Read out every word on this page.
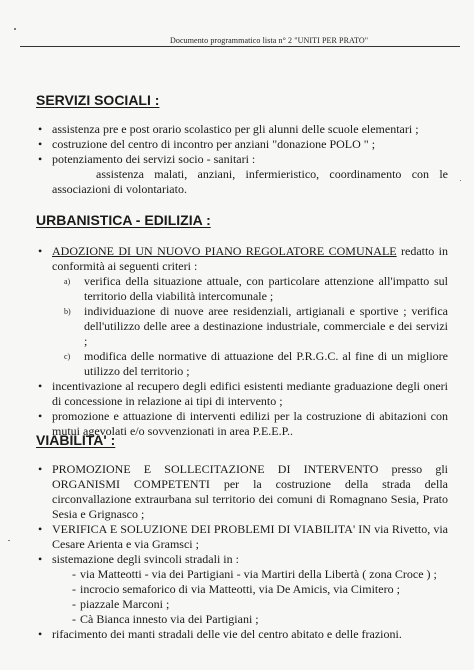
Documento programmatico lista n° 2 "UNITI PER PRATO"
SERVIZI SOCIALI :
• assistenza pre e post orario scolastico per gli alunni delle scuole elementari ;
• costruzione del centro di incontro per anziani "donazione POLO " ;
• potenziamento dei servizi socio - sanitari :
assistenza malati, anziani, infermieristico, coordinamento con le associazioni di volontariato.
URBANISTICA - EDILIZIA :
• ADOZIONE DI UN NUOVO PIANO REGOLATORE COMUNALE redatto in conformità ai seguenti criteri :
a) verifica della situazione attuale, con particolare attenzione all'impatto sul territorio della viabilità intercomunale ;
b) individuazione di nuove aree residenziali, artigianali e sportive ; verifica dell'utilizzo delle aree a destinazione industriale, commerciale e dei servizi ;
c) modifica delle normative di attuazione del P.R.G.C. al fine di un migliore utilizzo del territorio ;
• incentivazione al recupero degli edifici esistenti mediante graduazione degli oneri di concessione in relazione ai tipi di intervento ;
• promozione e attuazione di interventi edilizi per la costruzione di abitazioni con mutui agevolati e/o sovvenzionati in area P.E.E.P..
VIABILITA' :
• PROMOZIONE E SOLLECITAZIONE DI INTERVENTO presso gli ORGANISMI COMPETENTI per la costruzione della strada della circonvallazione extraurbana sul territorio dei comuni di Romagnano Sesia, Prato Sesia e Grignasco ;
• VERIFICA E SOLUZIONE DEI PROBLEMI DI VIABILITA' IN via Rivetto, via Cesare Arienta e via Gramsci ;
• sistemazione degli svincoli stradali in :
- via Matteotti - via dei Partigiani - via Martiri della Libertà ( zona Croce ) ;
- incrocio semaforico di via Matteotti, via De Amicis, via Cimitero ;
- piazzale Marconi ;
- Cà Bianca innesto via dei Partigiani ;
• rifacimento dei manti stradali delle vie del centro abitato e delle frazioni.
